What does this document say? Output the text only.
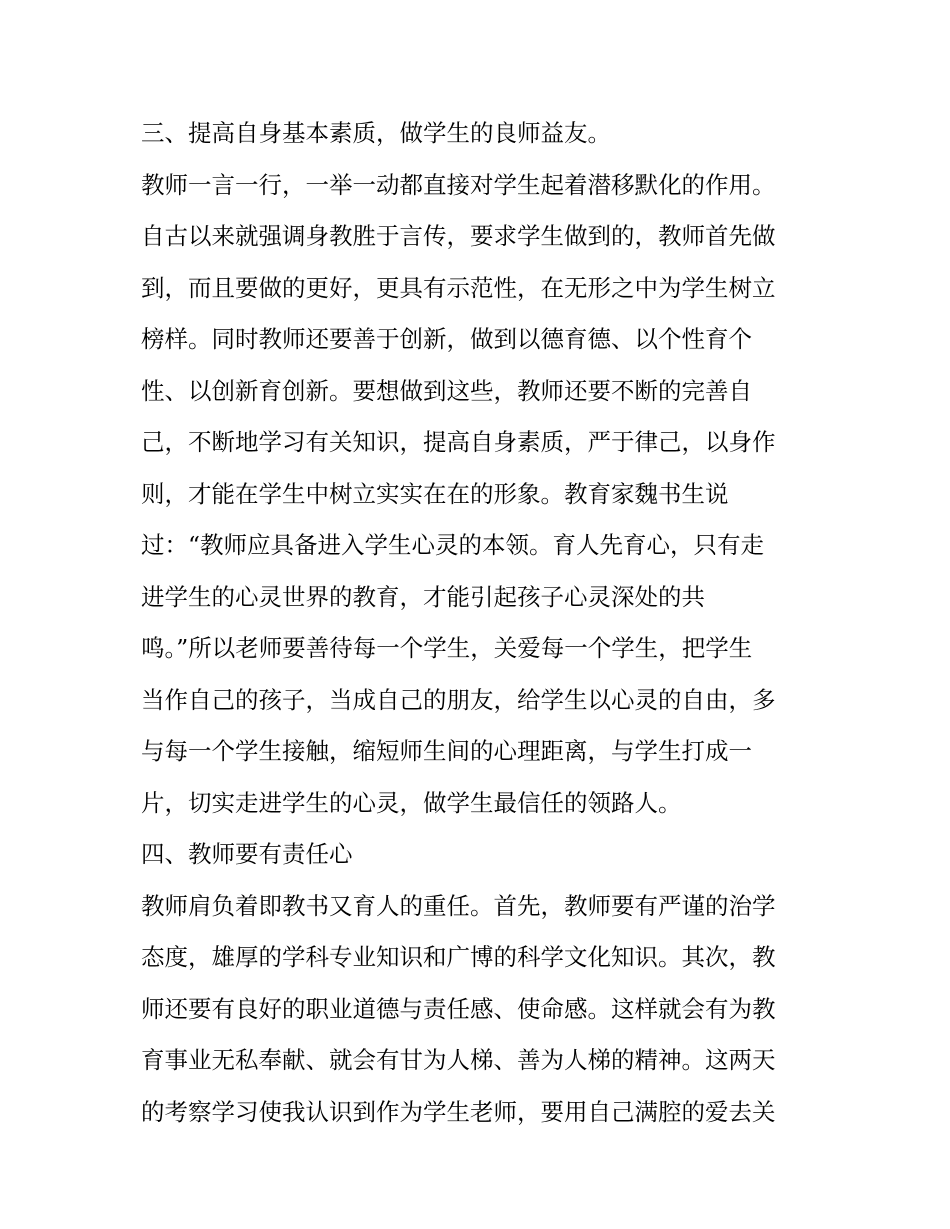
三、提高自身基本素质，做学生的良师益友。
教师一言一行，一举一动都直接对学生起着潜移默化的作用。
自古以来就强调身教胜于言传，要求学生做到的，教师首先做
到，而且要做的更好，更具有示范性，在无形之中为学生树立
榜样。同时教师还要善于创新，做到以德育德、以个性育个
性、以创新育创新。要想做到这些，教师还要不断的完善自
己，不断地学习有关知识，提高自身素质，严于律己，以身作
则，才能在学生中树立实实在在的形象。教育家魏书生说
过：“教师应具备进入学生心灵的本领。育人先育心，只有走
进学生的心灵世界的教育，才能引起孩子心灵深处的共
鸣。”所以老师要善待每一个学生，关爱每一个学生，把学生
当作自己的孩子，当成自己的朋友，给学生以心灵的自由，多
与每一个学生接触，缩短师生间的心理距离，与学生打成一
片，切实走进学生的心灵，做学生最信任的领路人。
四、教师要有责任心
教师肩负着即教书又育人的重任。首先，教师要有严谨的治学
态度，雄厚的学科专业知识和广博的科学文化知识。其次，教
师还要有良好的职业道德与责任感、使命感。这样就会有为教
育事业无私奉献、就会有甘为人梯、善为人梯的精神。这两天
的考察学习使我认识到作为学生老师，要用自己满腔的爱去关
